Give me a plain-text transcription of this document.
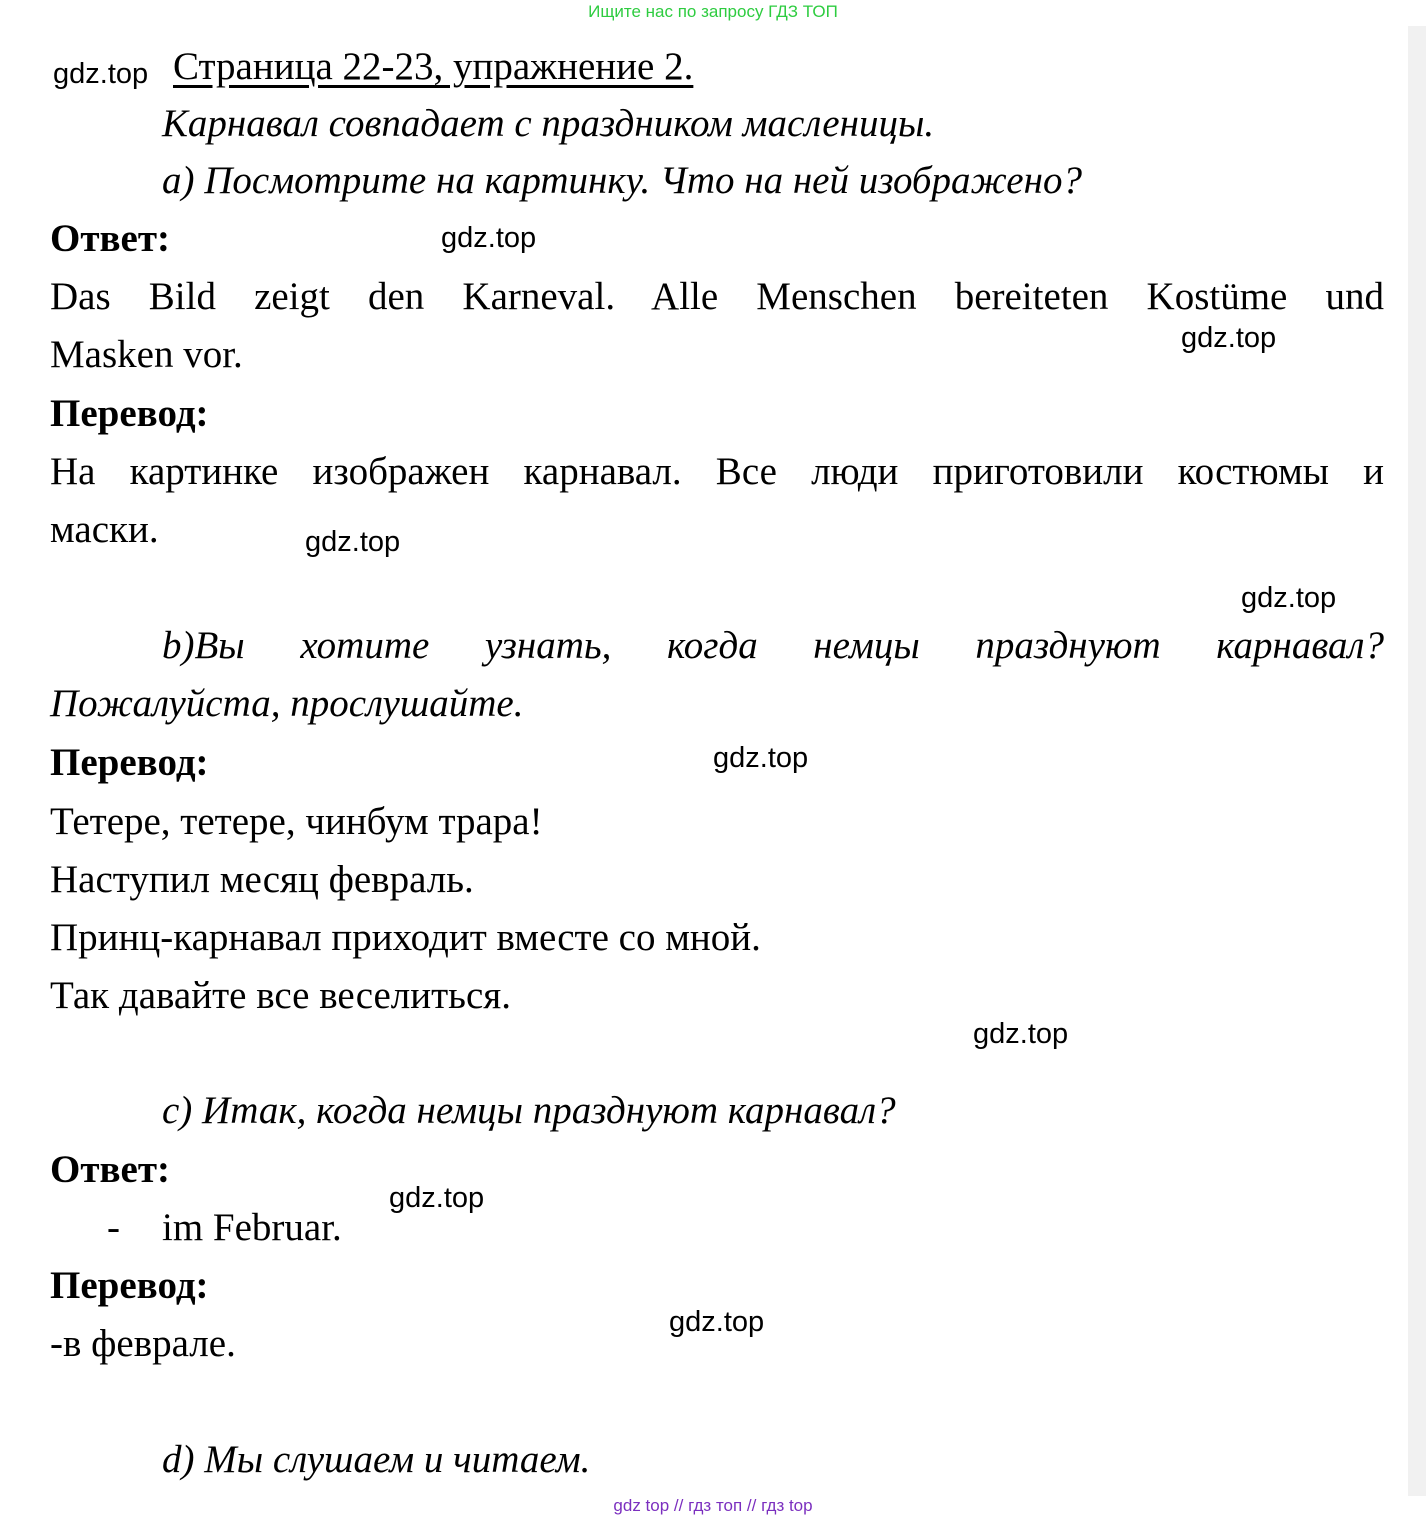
Ищите нас по запросу ГДЗ ТОП
gdz.top Страница 22-23, упражнение 2.
Карнавал совпадает с праздником масленицы.
а) Посмотрите на картинку. Что на ней изображено?
Ответ:	gdz.top
Das Bild zeigt den Karneval. Alle Menschen bereiteten Kostüme und
gdz.top
Masken vor.
Перевод:
На картинке изображен карнавал. Все люди приготовили костюмы и
маски.	gdz.top
gdz.top
b)Вы хотите узнать, когда немцы празднуют карнавал?
Пожалуйста, прослушайте.
Перевод:	gdz.top
Тетере, тетере, чинбум трара!
Наступил месяц февраль.
Принц-карнавал приходит вместе со мной.
Так давайте все веселиться.
gdz.top
с) Итак, когда немцы празднуют карнавал?
Ответ:
gdz.top
- im Februar.
Перевод:
gdz.top
-в феврале.
d) Мы слушаем и читаем.
gdz top // гдз топ // гдз top
